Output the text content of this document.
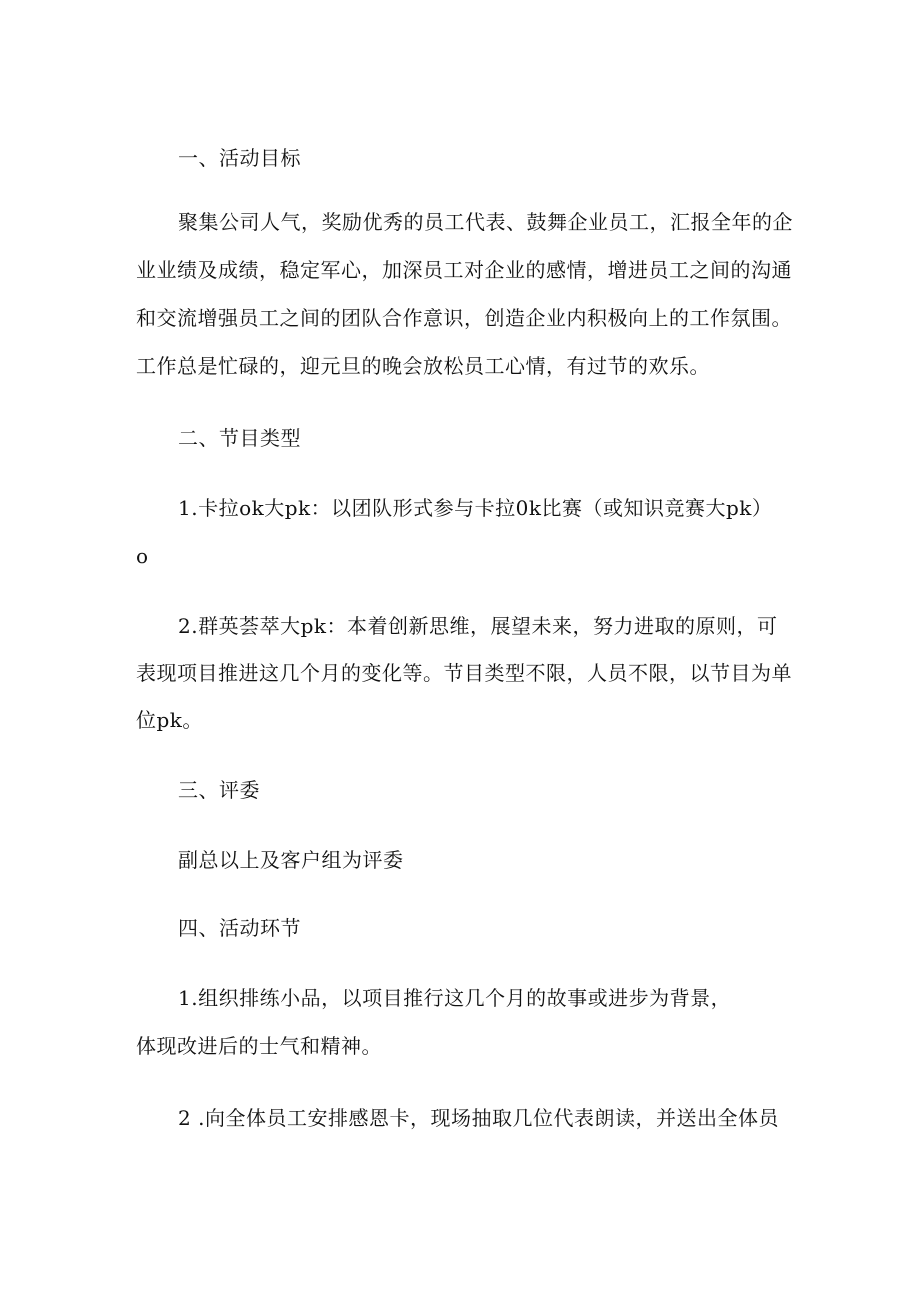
一、活动目标
聚集公司人气，奖励优秀的员工代表、鼓舞企业员工，汇报全年的企
业业绩及成绩，稳定军心，加深员工对企业的感情，增进员工之间的沟通
和交流增强员工之间的团队合作意识，创造企业内积极向上的工作氛围。
工作总是忙碌的，迎元旦的晚会放松员工心情，有过节的欢乐。
二、节目类型
1.卡拉ok大pk：以团队形式参与卡拉0k比赛（或知识竞赛大pk）
o
2.群英荟萃大pk：本着创新思维，展望未来，努力进取的原则，可
表现项目推进这几个月的变化等。节目类型不限，人员不限，以节目为单
位pk。
三、评委
副总以上及客户组为评委
四、活动环节
1.组织排练小品，以项目推行这几个月的故事或进步为背景，
体现改进后的士气和精神。
2 .向全体员工安排感恩卡，现场抽取几位代表朗读，并送出全体员
